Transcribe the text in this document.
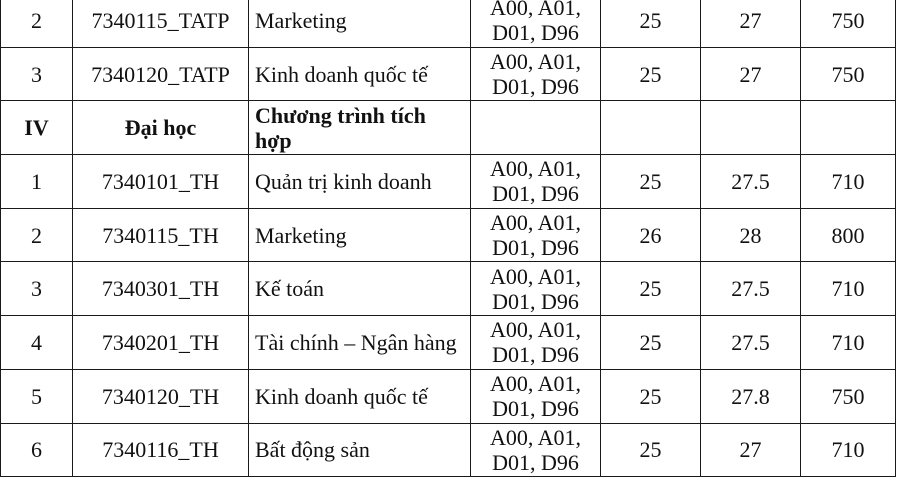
2	7340115_TATP	Marketing	A00, A01,
D01, D96	25	27	750
3	7340120_TATP	Kinh doanh quốc tế	A00, A01,
D01, D96	25	27	750
IV	Đại học	Chương trình tích hợp	

1	7340101_TH	Quản trị kinh doanh	A00, A01,
D01, D96	25	27.5	710
2	7340115_TH	Marketing	A00, A01,
D01, D96	26	28	800
3	7340301_TH	Kế toán	A00, A01,
D01, D96	25	27.5	710
4	7340201_TH	Tài chính – Ngân hàng	A00, A01,
D01, D96	25	27.5	710
5	7340120_TH	Kinh doanh quốc tế	A00, A01,
D01, D96	25	27.8	750
6	7340116_TH	Bất động sản	A00, A01,
D01, D96	25	27	710
